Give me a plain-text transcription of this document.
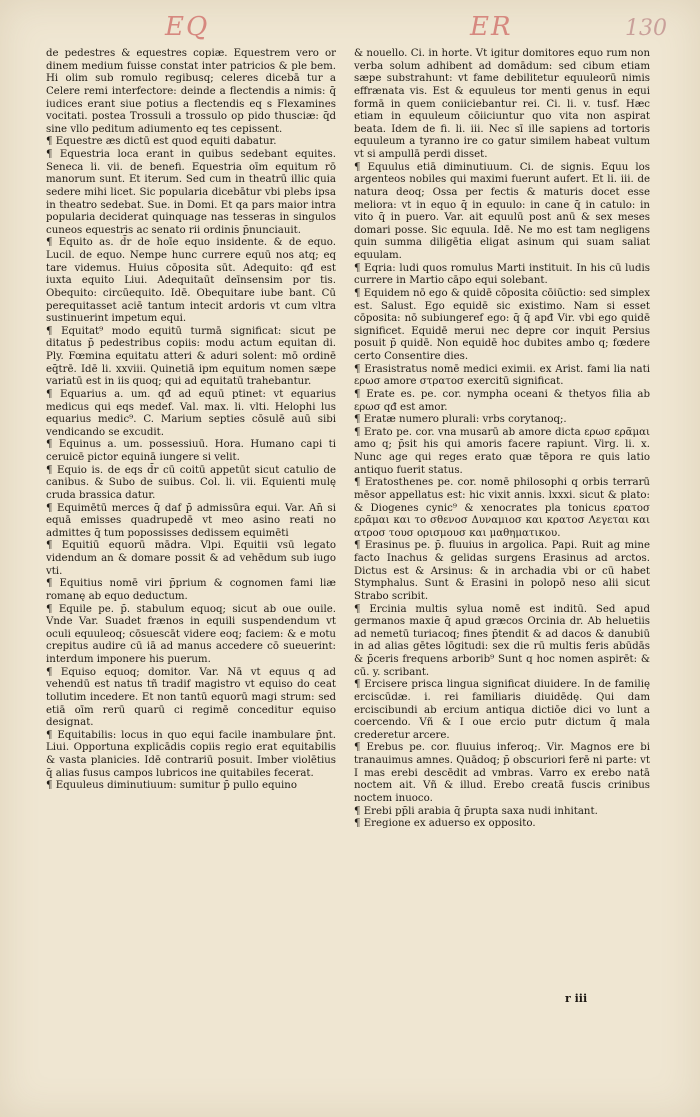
EQ	ER	130

de pedestres & equestres copiæ. Equestrem vero or dinem medium fuisse constat inter patricios & ple bem. Hi olim sub romulo regibusq; celeres dicebā tur a Celere remi interfectore: deinde a flectendis a nimis: q̄ iudices erant siue potius a flectendis eq s Flexamines vocitati. postea Trossuli a trossulo op pido thusciæ: q̄d sine vllo peditum adiumento eq tes cepissent.

¶ Equestre æs dictū est quod equiti dabatur.

¶ Equestria loca erant in quibus sedebant equites. Seneca li. vii. de benefi. Equestria oīm equitum rō manorum sunt. Et iterum. Sed cum in theatrū illic quia sedere mihi licet. Sic popularia dicebātur vbi plebs ipsa in theatro sedebat. Sue. in Domi. Et qa pars maior intra popularia deciderat quinquage nas tesseras in singulos cuneos equestris ac senato rii ordinis p̄nunciauit.

¶ Equito as. d̄r de hoīe equo insidente. & de equo. Lucil. de equo. Nempe hunc currere equū nos atq; eq tare videmus. Huius cōposita sūt. Adequito: qđ est iuxta equito Liui. Adequitaūt deīnsensim por tis. Obequito: circūequito. Idē. Obequitare iube bant. Cū perequitasset aciē tantum intecit ardoris vt cum vltra sustinuerint impetum equi.

¶ Equitat⁹ modo equitū turmā significat: sicut pe ditatus p̄ pedestribus copiis: modu actum equitan di. Ply. Fœmina equitatu atteri & aduri solent: mō ordinē eq̄trē. Idē li. xxviii. Quinetiā ipm equitum nomen sæpe variatū est in iis quoq; qui ad equitatū trahebantur.

¶ Equarius a. um. qđ ad equū ptinet: vt equarius medicus qui eqs medef. Val. max. li. vlti. Helophi lus equarius medic⁹. C. Marium septies cōsulē auū sibi vendicando se excudit.

¶ Equinus a. um. possessiuū. Hora. Humano capi ti ceruicē pictor equinā iungere si velit.

¶ Equio is. de eqs d̄r cū coitū appetūt sicut catulio de canibus. & Subo de suibus. Col. li. vii. Equienti mulę cruda brassica datur.

¶ Equimētū merces q̄ daf p̄ admissūra equi. Var. An̄ si equā emisses quadrupedē vt meo asino reati no admittes q̄ tum popossisses dedissem equimēti

¶ Equitiū equorū mādra. Vlpi. Equitii vsū legato videndum an & domare possit & ad vehēdum sub iugo vti.

¶ Equitius nomē viri p̄prium & cognomen fami liæ romanę ab equo deductum.

¶ Equile pe. p̄. stabulum equoq; sicut ab oue ouile. Vnde Var. Suadet frænos in equili suspendendum vt oculi equuleoq; cōsuescāt videre eoq; faciem: & e motu crepitus audire cū iā ad manus accedere cō sueuerint: interdum imponere his puerum.

¶ Equiso equoq; domitor. Var. Nā vt equus q ad vehendū est natus tñ tradif magistro vt equiso do ceat tollutim incedere. Et non tantū equorū magi strum: sed etiā oīm rerū quarū ci regimē conceditur equiso designat.

¶ Equitabilis: locus in quo equi facile inambulare p̄nt. Liui. Opportuna explicādis copiis regio erat equitabilis & vasta planicies. Idē contrariū posuit. Imber violētius q̄ alias fusus campos lubricos ine quitabiles fecerat.

¶ Equuleus diminutiuum: sumitur p̄ pullo equino

& nouello. Ci. in horte. Vt igitur domitores equo rum non verba solum adhibent ad domādum: sed cibum etiam sæpe substrahunt: vt fame debilitetur equuleorū nimis effrænata vis. Est & equuleus tor menti genus in equi formā in quem coniiciebantur rei. Ci. li. v. tusf. Hæc etiam in equuleum cōiiciuntur quo vita non aspirat beata. Idem de fi. li. iii. Nec sī ille sapiens ad tortoris equuleum a tyranno ire co gatur similem habeat vultum vt si ampullā perdi disset.

¶ Equulus etiā diminutiuum. Ci. de signis. Equu los argenteos nobiles qui maximi fuerunt aufert. Et li. iii. de natura deoq; Ossa per fectis & maturis docet esse meliora: vt in equo q̄ in equulo: in cane q̄ in catulo: in vito q̄ in puero. Var. ait equulū post anū & sex meses domari posse. Sic equula. Idē. Ne mo est tam negligens quin summa diligētia eligat asinum qui suam saliat equulam.

¶ Eqria: ludi quos romulus Marti instituit. In his cū ludis currere in Martio cāpo equi solebant.

¶ Equidem nō ego & quidē cōposita cōiūctio: sed simplex est. Salust. Ego equidē sic existimo. Nam si esset cōposita: nō subiungeref ego: q̄ q̄ apđ Vir. vbi ego quidē significet. Equidē merui nec depre cor inquit Persius posuit p̄ quidē. Non equidē hoc dubites ambo q; fœdere certo Consentire dies.

¶ Erasistratus nomē medici eximii. ex Arist. fami lia nati ερωσ amore στρατοσ exercitū significat.

¶ Erate es. pe. cor. nympha oceani & thetyos filia ab ερωσ qđ est amor.

¶ Eratæ numero plurali: vrbs corytanoq;.

¶ Erato pe. cor. vna musarū ab amore dicta ερωσ ερᾶμαι amo q; p̄sit his qui amoris facere rapiunt. Virg. li. x. Nunc age qui reges erato quæ tēpora re quis latio antiquo fuerit status.

¶ Eratosthenes pe. cor. nomē philosophi q orbis terrarū mēsor appellatus est: hic vixit annis. lxxxi. sicut & plato: & Diogenes cynic⁹ & xenocrates pla tonicus ερατοσ ερᾶμαι και το σθενοσ Δυναμιοσ και κρατοσ Λεγεται και ατροσ τουσ ορισμουσ και μαθηματικου.

¶ Erasinus pe. p̄. fluuius in argolica. Papi. Ruit ag mine facto Inachus & gelidas surgens Erasinus ad arctos. Dictus est & Arsinus: & in archadia vbi or cū habet Stymphalus. Sunt & Erasini in polopō neso alii sicut Strabo scribit.

¶ Ercinia multis sylua nomē est inditū. Sed apud germanos maxie q̄ apud græcos Orcinia dr. Ab heluetiis ad nemetū turiacoq; fines p̄tendit & ad dacos & danubiū in ad alias gētes lōgitudi: sex die rū multis feris abūdās & p̄ceris frequens arborib⁹ Sunt q hoc nomen aspirēt: & cū. y. scribant.

¶ Ercisere prisca lingua significat diuidere. In de familię erciscūdæ. i. rei familiaris diuidēdę. Qui dam erciscibundi ab ercium antiqua dictiōe dici vo lunt a coercendo. Vñ & I oue ercio putr dictum q̄ mala crederetur arcere.

¶ Erebus pe. cor. fluuius inferoq;. Vir. Magnos ere bi tranauimus amnes. Quādoq; p̄ obscuriori ferē ni parte: vt I mas erebi descēdit ad vmbras. Varro ex erebo natā noctem ait. Vñ & illud. Erebo creatā fuscis crinibus noctem inuoco.

¶ Erebi pp̄li arabia q̄ p̄rupta saxa nudi inhitant.

¶ Eregione ex aduerso ex opposito.

r iii
